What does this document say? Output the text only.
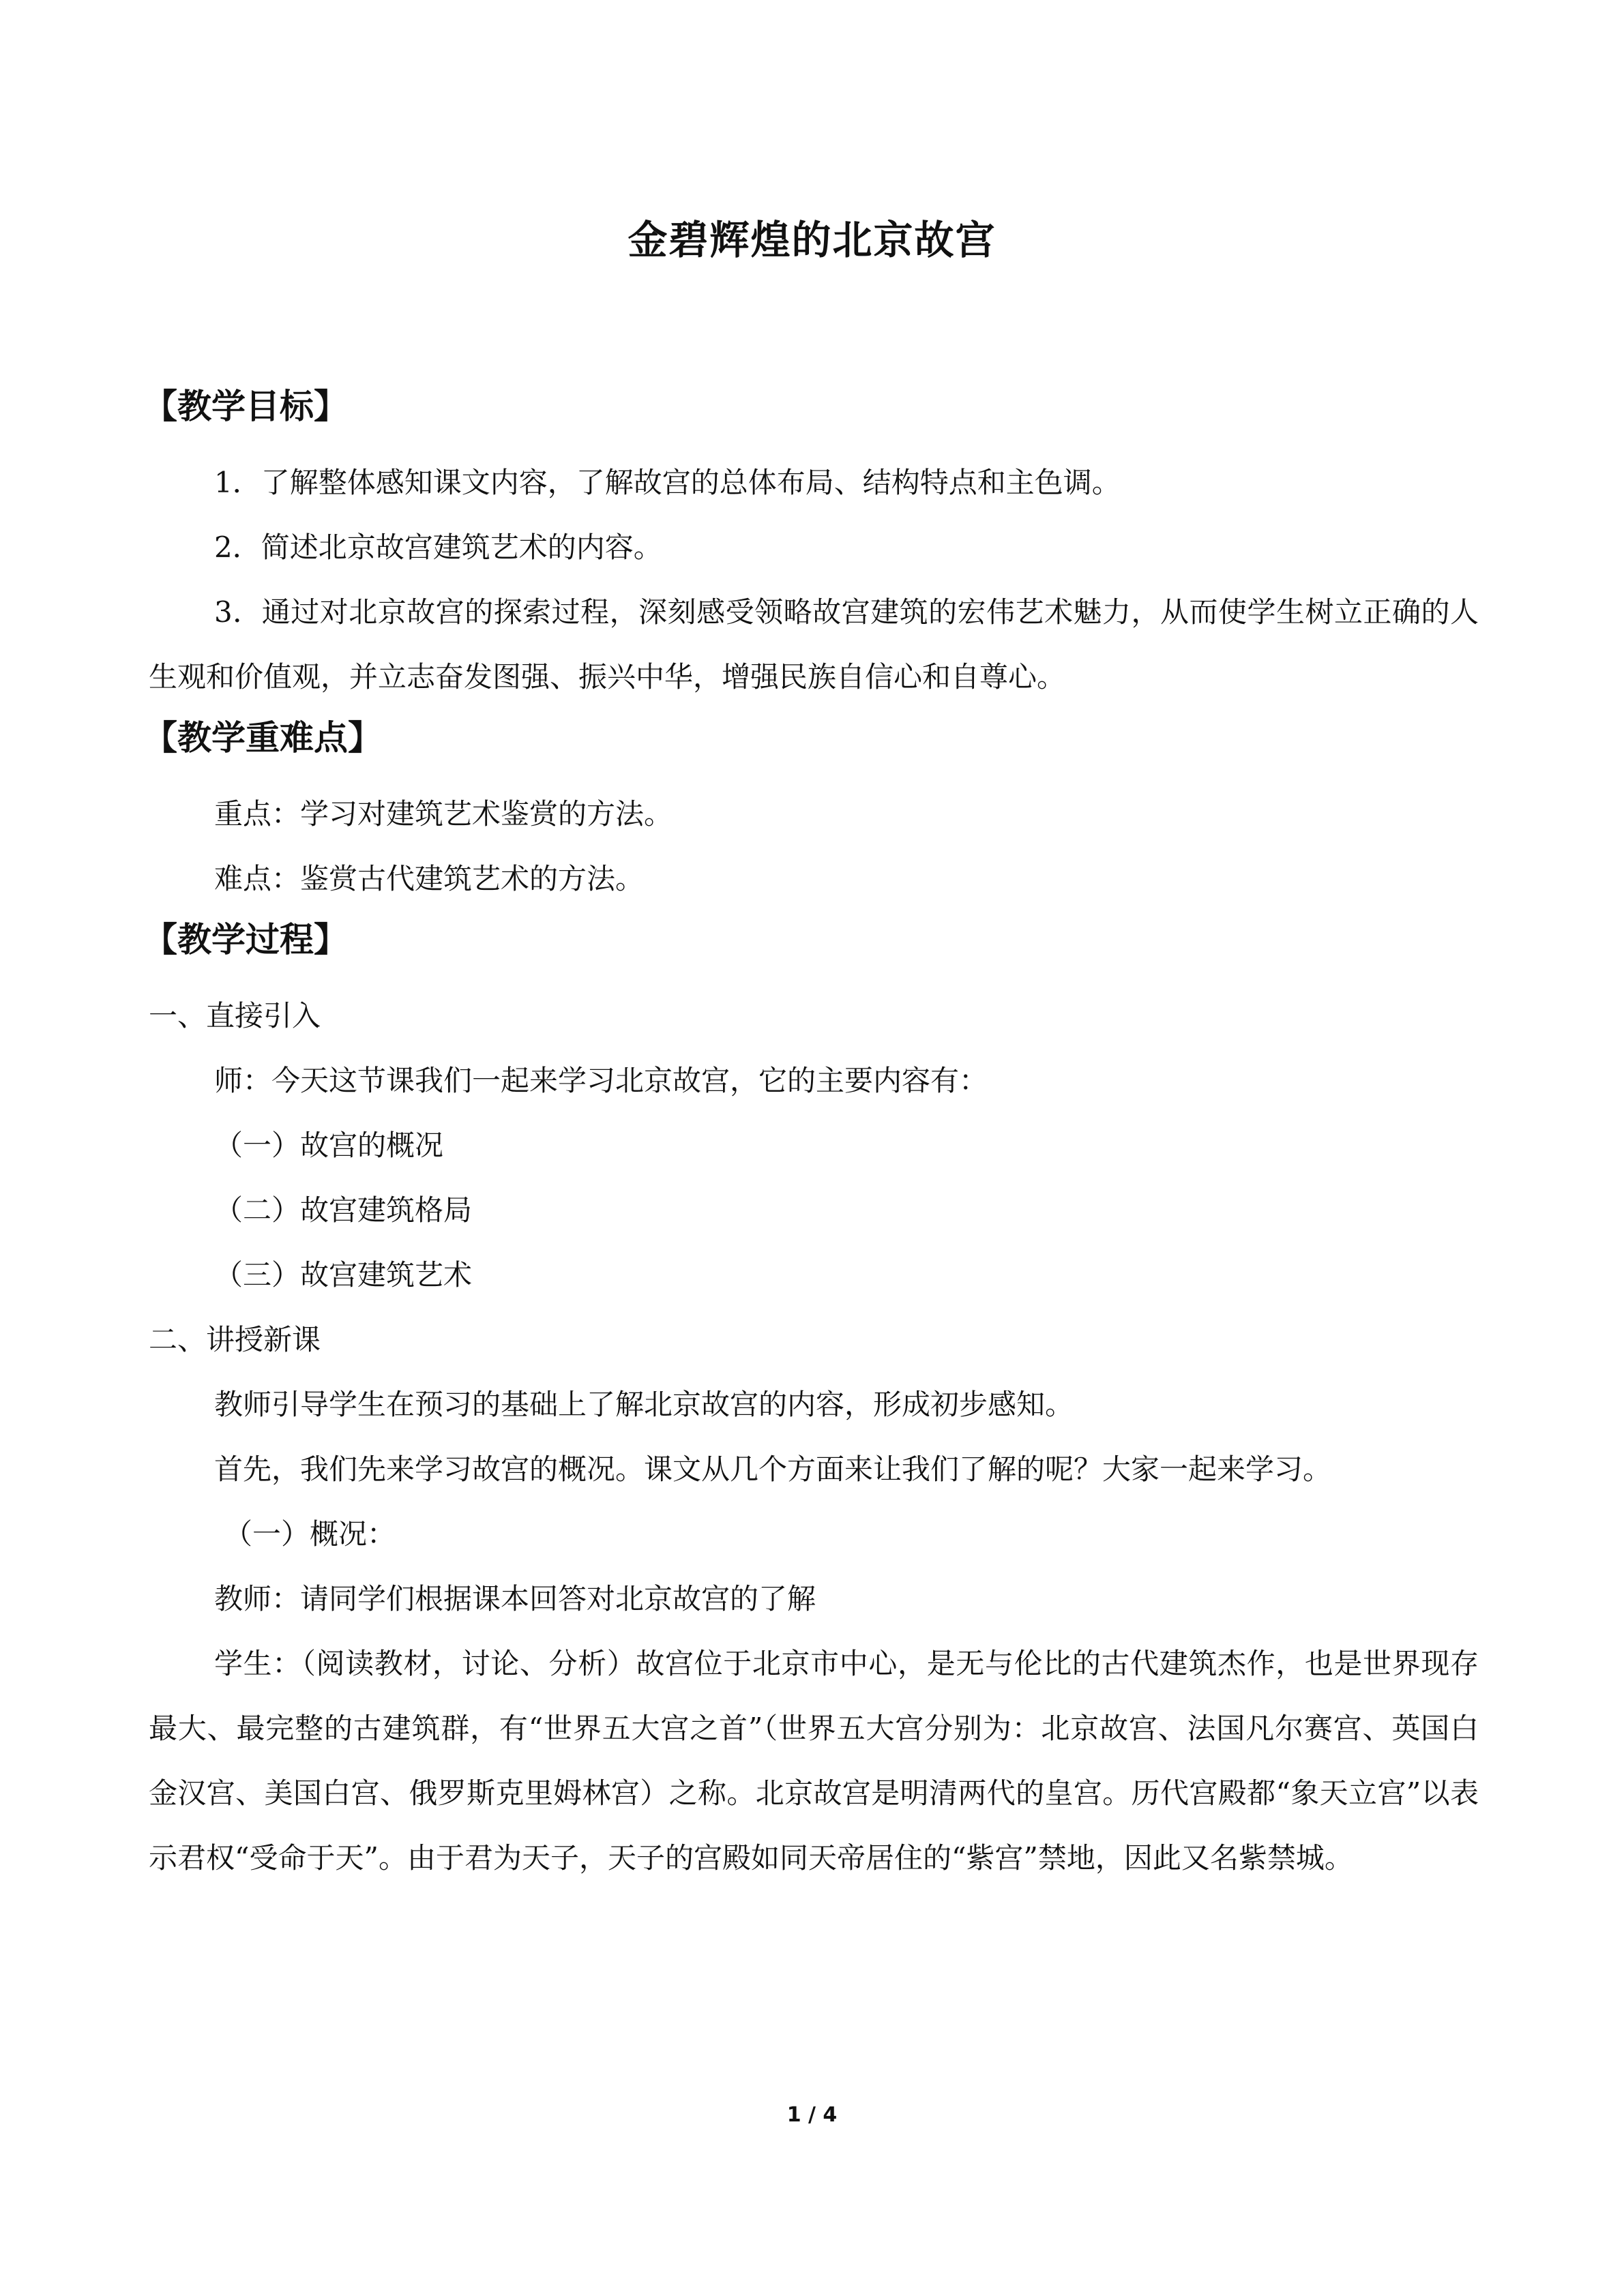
金碧辉煌的北京故宫
【教学目标】
1．了解整体感知课文内容，了解故宫的总体布局、结构特点和主色调。
2．简述北京故宫建筑艺术的内容。
3．通过对北京故宫的探索过程，深刻感受领略故宫建筑的宏伟艺术魅力，从而使学生树立正确的人生观和价值观，并立志奋发图强、振兴中华，增强民族自信心和自尊心。
【教学重难点】
重点：学习对建筑艺术鉴赏的方法。
难点：鉴赏古代建筑艺术的方法。
【教学过程】
一、直接引入
师：今天这节课我们一起来学习北京故宫，它的主要内容有：
（一）故宫的概况
（二）故宫建筑格局
（三）故宫建筑艺术
二、讲授新课
教师引导学生在预习的基础上了解北京故宫的内容，形成初步感知。
首先，我们先来学习故宫的概况。课文从几个方面来让我们了解的呢？大家一起来学习。
（一）概况：
教师：请同学们根据课本回答对北京故宫的了解
学生：（阅读教材，讨论、分析）故宫位于北京市中心，是无与伦比的古代建筑杰作，也是世界现存最大、最完整的古建筑群，有“世界五大宫之首”（世界五大宫分别为：北京故宫、法国凡尔赛宫、英国白金汉宫、美国白宫、俄罗斯克里姆林宫）之称。北京故宫是明清两代的皇宫。历代宫殿都“象天立宫”以表示君权“受命于天”。由于君为天子，天子的宫殿如同天帝居住的“紫宫”禁地，因此又名紫禁城。
1 / 4
